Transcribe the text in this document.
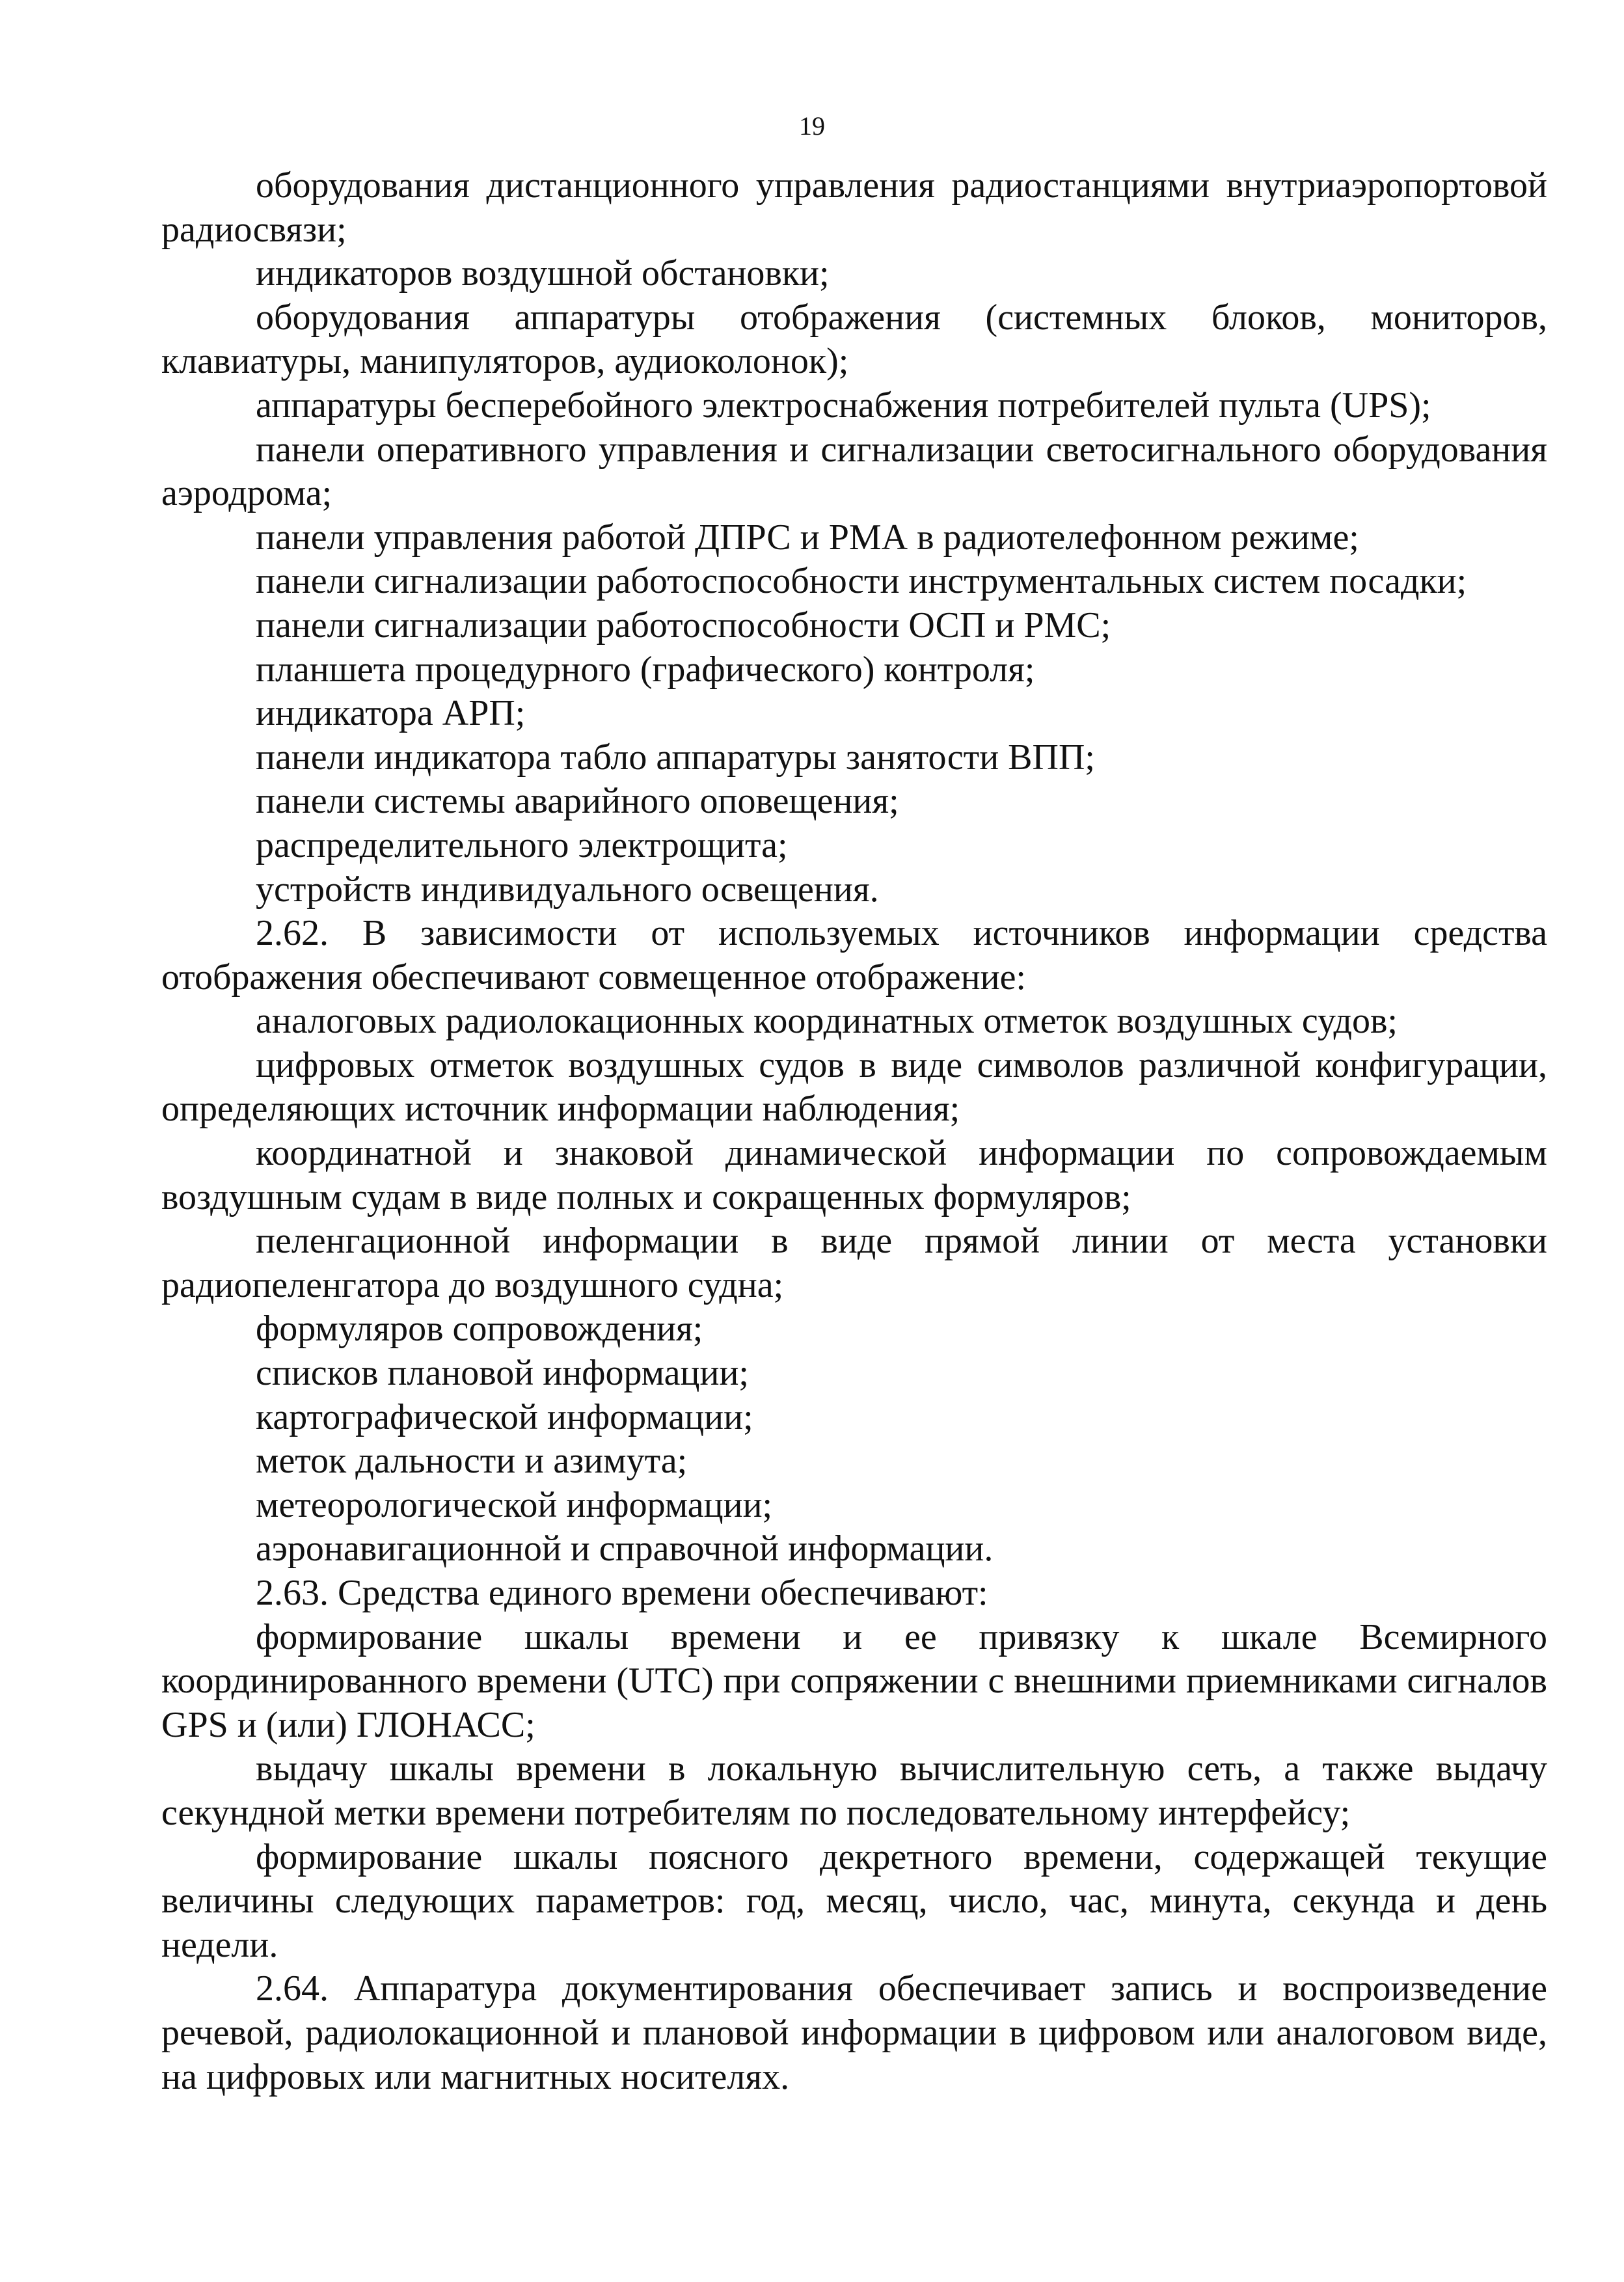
19

оборудования дистанционного управления радиостанциями внутриаэропортовой радиосвязи;

индикаторов воздушной обстановки;

оборудования аппаратуры отображения (системных блоков, мониторов, клавиатуры, манипуляторов, аудиоколонок);

аппаратуры бесперебойного электроснабжения потребителей пульта (UPS);

панели оперативного управления и сигнализации светосигнального оборудования аэродрома;

панели управления работой ДПРС и РМА в радиотелефонном режиме;

панели сигнализации работоспособности инструментальных систем посадки;

панели сигнализации работоспособности ОСП и РМС;

планшета процедурного (графического) контроля;

индикатора АРП;

панели индикатора табло аппаратуры занятости ВПП;

панели системы аварийного оповещения;

распределительного электрощита;

устройств индивидуального освещения.

2.62. В зависимости от используемых источников информации средства отображения обеспечивают совмещенное отображение:

аналоговых радиолокационных координатных отметок воздушных судов;

цифровых отметок воздушных судов в виде символов различной конфигурации, определяющих источник информации наблюдения;

координатной и знаковой динамической информации по сопровождаемым воздушным судам в виде полных и сокращенных формуляров;

пеленгационной информации в виде прямой линии от места установки радиопеленгатора до воздушного судна;

формуляров сопровождения;

списков плановой информации;

картографической информации;

меток дальности и азимута;

метеорологической информации;

аэронавигационной и справочной информации.

2.63. Средства единого времени обеспечивают:

формирование шкалы времени и ее привязку к шкале Всемирного координированного времени (UTC) при сопряжении с внешними приемниками сигналов GPS и (или) ГЛОНАСС;

выдачу шкалы времени в локальную вычислительную сеть, а также выдачу секундной метки времени потребителям по последовательному интерфейсу;

формирование шкалы поясного декретного времени, содержащей текущие величины следующих параметров: год, месяц, число, час, минута, секунда и день недели.

2.64. Аппаратура документирования обеспечивает запись и воспроизведение речевой, радиолокационной и плановой информации в цифровом или аналоговом виде, на цифровых или магнитных носителях.
